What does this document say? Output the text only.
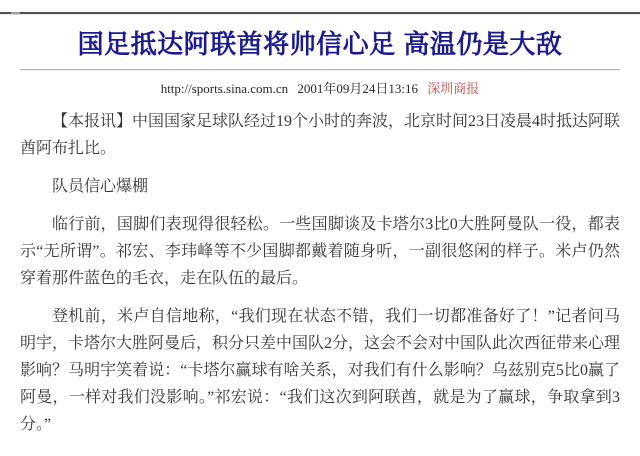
国足抵达阿联酋将帅信心足 高温仍是大敌
http://sports.sina.com.cn 2001年09月24日13:16 深圳商报

【本报讯】中国国家足球队经过19个小时的奔波，北京时间23日凌晨4时抵达阿联酋阿布扎比。

队员信心爆棚

临行前，国脚们表现得很轻松。一些国脚谈及卡塔尔3比0大胜阿曼队一役，都表示“无所谓”。祁宏、李玮峰等不少国脚都戴着随身听，一副很悠闲的样子。米卢仍然穿着那件蓝色的毛衣，走在队伍的最后。

登机前，米卢自信地称，“我们现在状态不错，我们一切都准备好了！”记者问马明宇，卡塔尔大胜阿曼后，积分只差中国队2分，这会不会对中国队此次西征带来心理影响？马明宇笑着说：“卡塔尔赢球有啥关系，对我们有什么影响？乌兹别克5比0赢了阿曼，一样对我们没影响。”祁宏说：“我们这次到阿联酋，就是为了赢球，争取拿到3分。”
